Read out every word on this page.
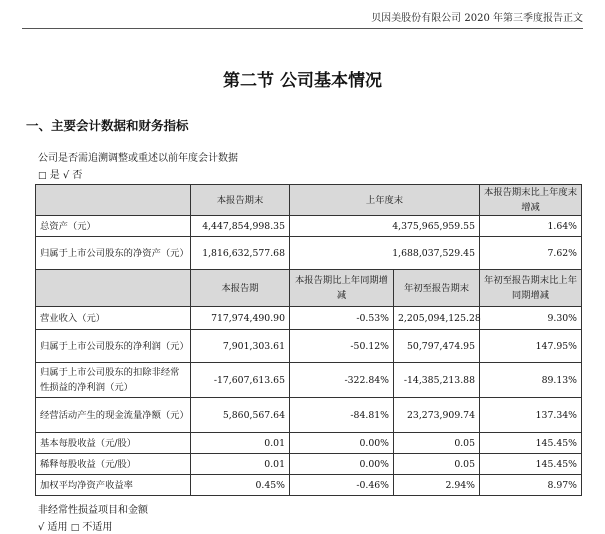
贝因美股份有限公司 2020 年第三季度报告正文
第二节 公司基本情况
一、主要会计数据和财务指标
公司是否需追溯调整或重述以前年度会计数据
□ 是 √ 否
	本报告期末	上年度末		本报告期末比上年度末增减
总资产（元）	4,447,854,998.35	4,375,965,959.55		1.64%
归属于上市公司股东的净资产（元）	1,816,632,577.68	1,688,037,529.45		7.62%
	本报告期	本报告期比上年同期增减	年初至报告期末	年初至报告期末比上年同期增减
营业收入（元）	717,974,490.90	-0.53%	2,205,094,125.28	9.30%
归属于上市公司股东的净利润（元）	7,901,303.61	-50.12%	50,797,474.95	147.95%
归属于上市公司股东的扣除非经常性损益的净利润（元）	-17,607,613.65	-322.84%	-14,385,213.88	89.13%
经营活动产生的现金流量净额（元）	5,860,567.64	-84.81%	23,273,909.74	137.34%
基本每股收益（元/股）	0.01	0.00%	0.05	145.45%
稀释每股收益（元/股）	0.01	0.00%	0.05	145.45%
加权平均净资产收益率	0.45%	-0.46%	2.94%	8.97%
非经常性损益项目和金额
√ 适用 □ 不适用
